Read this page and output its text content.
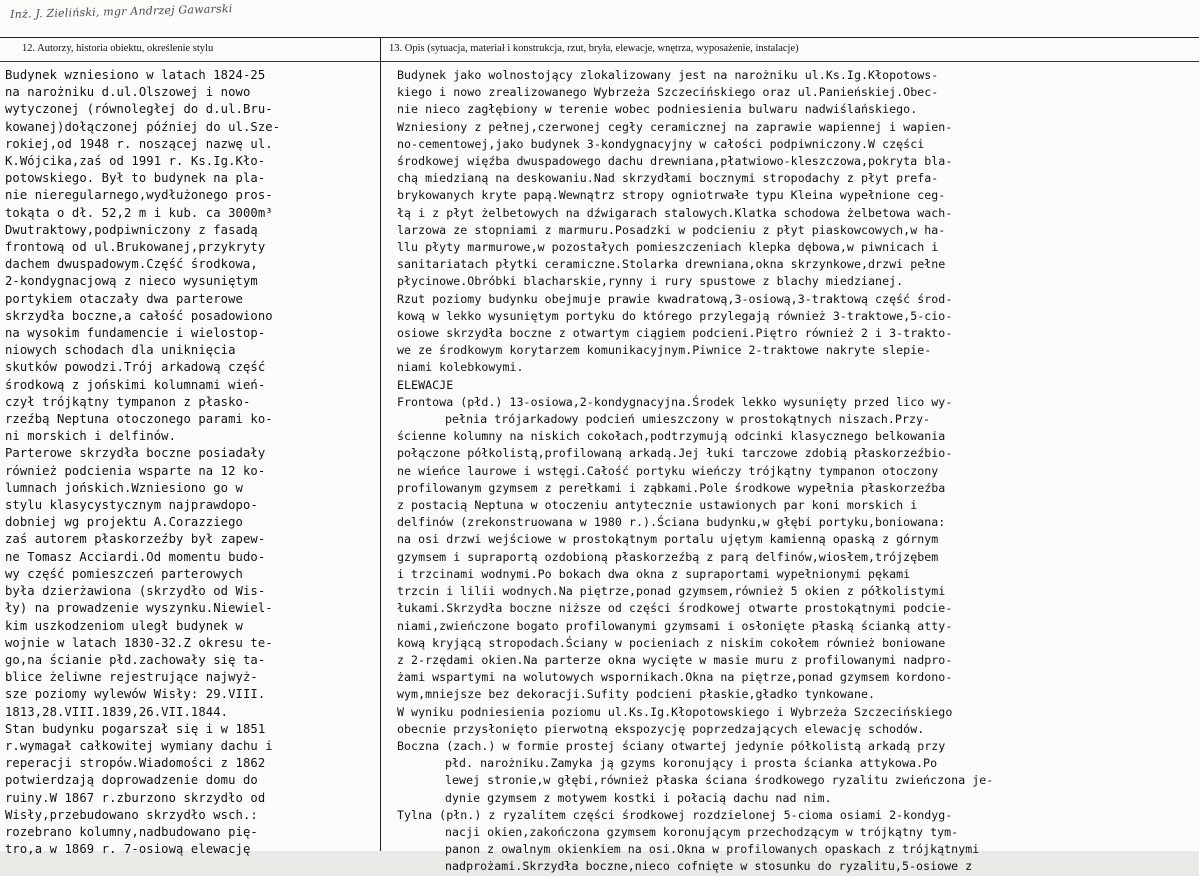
Inż. J. Zieliński, mgr Andrzej Gawarski
12. Autorzy, historia obiektu, określenie stylu	13. Opis (sytuacja, materiał i konstrukcja, rzut, bryła, elewacje, wnętrza, wyposażenie, instalacje)
Budynek wzniesiono w latach 1824-25
na narożniku d.ul.Olszowej i nowo
wytyczonej (równoległej do d.ul.Bru-
kowanej)dołączonej później do ul.Sze-
rokiej,od 1948 r. noszącej nazwę ul.
K.Wójcika,zaś od 1991 r. Ks.Ig.Kło-
potowskiego. Był to budynek na pla-
nie nieregularnego,wydłużonego pros-
tokąta o dł. 52,2 m i kub. ca 3000m³
Dwutraktowy,podpiwniczony z fasadą
frontową od ul.Brukowanej,przykryty
dachem dwuspadowym.Część środkowa,
2-kondygnacjową z nieco wysuniętym
portykiem otaczały dwa parterowe
skrzydła boczne,a całość posadowiono
na wysokim fundamencie i wielostop-
niowych schodach dla uniknięcia
skutków powodzi.Trój arkadową część
środkową z jońskimi kolumnami wień-
czył trójkątny tympanon z płasko-
rzeźbą Neptuna otoczonego parami ko-
ni morskich i delfinów.
Parterowe skrzydła boczne posiadały
również podcienia wsparte na 12 ko-
lumnach jońskich.Wzniesiono go w
stylu klasycystycznym najprawdopo-
dobniej wg projektu A.Corazziego
zaś autorem płaskorzeźby był zapew-
ne Tomasz Acciardi.Od momentu budo-
wy część pomieszczeń parterowych
była dzierżawiona (skrzydło od Wis-
ły) na prowadzenie wyszynku.Niewiel-
kim uszkodzeniom uległ budynek w
wojnie w latach 1830-32.Z okresu te-
go,na ścianie płd.zachowały się ta-
blice żeliwne rejestrujące najwyż-
sze poziomy wylewów Wisły: 29.VIII.
1813,28.VIII.1839,26.VII.1844.
Stan budynku pogarszał się i w 1851
r.wymagał całkowitej wymiany dachu i
reperacji stropów.Wiadomości z 1862
potwierdzają doprowadzenie domu do
ruiny.W 1867 r.zburzono skrzydło od
Wisły,przebudowano skrzydło wsch.:
rozebrano kolumny,nadbudowano pię-
tro,a w 1869 r. 7-osiową elewację
Budynek jako wolnostojący zlokalizowany jest na narożniku ul.Ks.Ig.Kłopotows-
kiego i nowo zrealizowanego Wybrzeża Szczecińskiego oraz ul.Panieńskiej.Obec-
nie nieco zagłębiony w terenie wobec podniesienia bulwaru nadwiślańskiego.
Wzniesiony z pełnej,czerwonej cegły ceramicznej na zaprawie wapiennej i wapien-
no-cementowej,jako budynek 3-kondygnacyjny w całości podpiwniczony.W części
środkowej więźba dwuspadowego dachu drewniana,płatwiowo-kleszczowa,pokryta bla-
chą miedzianą na deskowaniu.Nad skrzydłami bocznymi stropodachy z płyt prefa-
brykowanych kryte papą.Wewnątrz stropy ogniotrwałe typu Kleina wypełnione ceg-
łą i z płyt żelbetowych na dźwigarach stalowych.Klatka schodowa żelbetowa wach-
larzowa ze stopniami z marmuru.Posadzki w podcieniu z płyt piaskowcowych,w ha-
llu płyty marmurowe,w pozostałych pomieszczeniach klepka dębowa,w piwnicach i
sanitariatach płytki ceramiczne.Stolarka drewniana,okna skrzynkowe,drzwi pełne
płycinowe.Obróbki blacharskie,rynny i rury spustowe z blachy miedzianej.
Rzut poziomy budynku obejmuje prawie kwadratową,3-osiową,3-traktową część środ-
kową w lekko wysuniętym portyku do którego przylegają również 3-traktowe,5-cio-
osiowe skrzydła boczne z otwartym ciągiem podcieni.Piętro również 2 i 3-trakto-
we ze środkowym korytarzem komunikacyjnym.Piwnice 2-traktowe nakryte slepie-
niami kolebkowymi.
ELEWACJE
Frontowa (płd.) 13-osiowa,2-kondygnacyjna.Środek lekko wysunięty przed lico wy-
pełnia trójarkadowy podcień umieszczony w prostokątnych niszach.Przy-
ścienne kolumny na niskich cokołach,podtrzymują odcinki klasycznego belkowania
połączone półkolistą,profilowaną arkadą.Jej łuki tarczowe zdobią płaskorzeźbio-
ne wieńce laurowe i wstęgi.Całość portyku wieńczy trójkątny tympanon otoczony
profilowanym gzymsem z perełkami i ząbkami.Pole środkowe wypełnia płaskorzeźba
z postacią Neptuna w otoczeniu antytecznie ustawionych par koni morskich i
delfinów (zrekonstruowana w 1980 r.).Ściana budynku,w głębi portyku,boniowana:
na osi drzwi wejściowe w prostokątnym portalu ujętym kamienną opaską z górnym
gzymsem i supraportą ozdobioną płaskorzeźbą z parą delfinów,wiosłem,trójzębem
i trzcinami wodnymi.Po bokach dwa okna z supraportami wypełnionymi pękami
trzcin i lilii wodnych.Na piętrze,ponad gzymsem,również 5 okien z półkolistymi
łukami.Skrzydła boczne niższe od części środkowej otwarte prostokątnymi podcie-
niami,zwieńczone bogato profilowanymi gzymsami i osłonięte płaską ścianką atty-
kową kryjącą stropodach.Ściany w pocieniach z niskim cokołem również boniowane
z 2-rzędami okien.Na parterze okna wycięte w masie muru z profilowanymi nadpro-
żami wspartymi na wolutowych wspornikach.Okna na piętrze,ponad gzymsem kordono-
wym,mniejsze bez dekoracji.Sufity podcieni płaskie,gładko tynkowane.
W wyniku podniesienia poziomu ul.Ks.Ig.Kłopotowskiego i Wybrzeża Szczecińskiego
obecnie przysłonięto pierwotną ekspozycję poprzedzających elewację schodów.
Boczna (zach.) w formie prostej ściany otwartej jedynie półkolistą arkadą przy
płd. narożniku.Zamyka ją gzyms koronujący i prosta ścianka attykowa.Po
lewej stronie,w głębi,również płaska ściana środkowego ryzalitu zwieńczona je-
dynie gzymsem z motywem kostki i połacią dachu nad nim.
Tylna (płn.) z ryzalitem części środkowej rozdzielonej 5-cioma osiami 2-kondyg-
nacji okien,zakończona gzymsem koronującym przechodzącym w trójkątny tym-
panon z owalnym okienkiem na osi.Okna w profilowanych opaskach z trójkątnymi
nadprożami.Skrzydła boczne,nieco cofnięte w stosunku do ryzalitu,5-osiowe z
